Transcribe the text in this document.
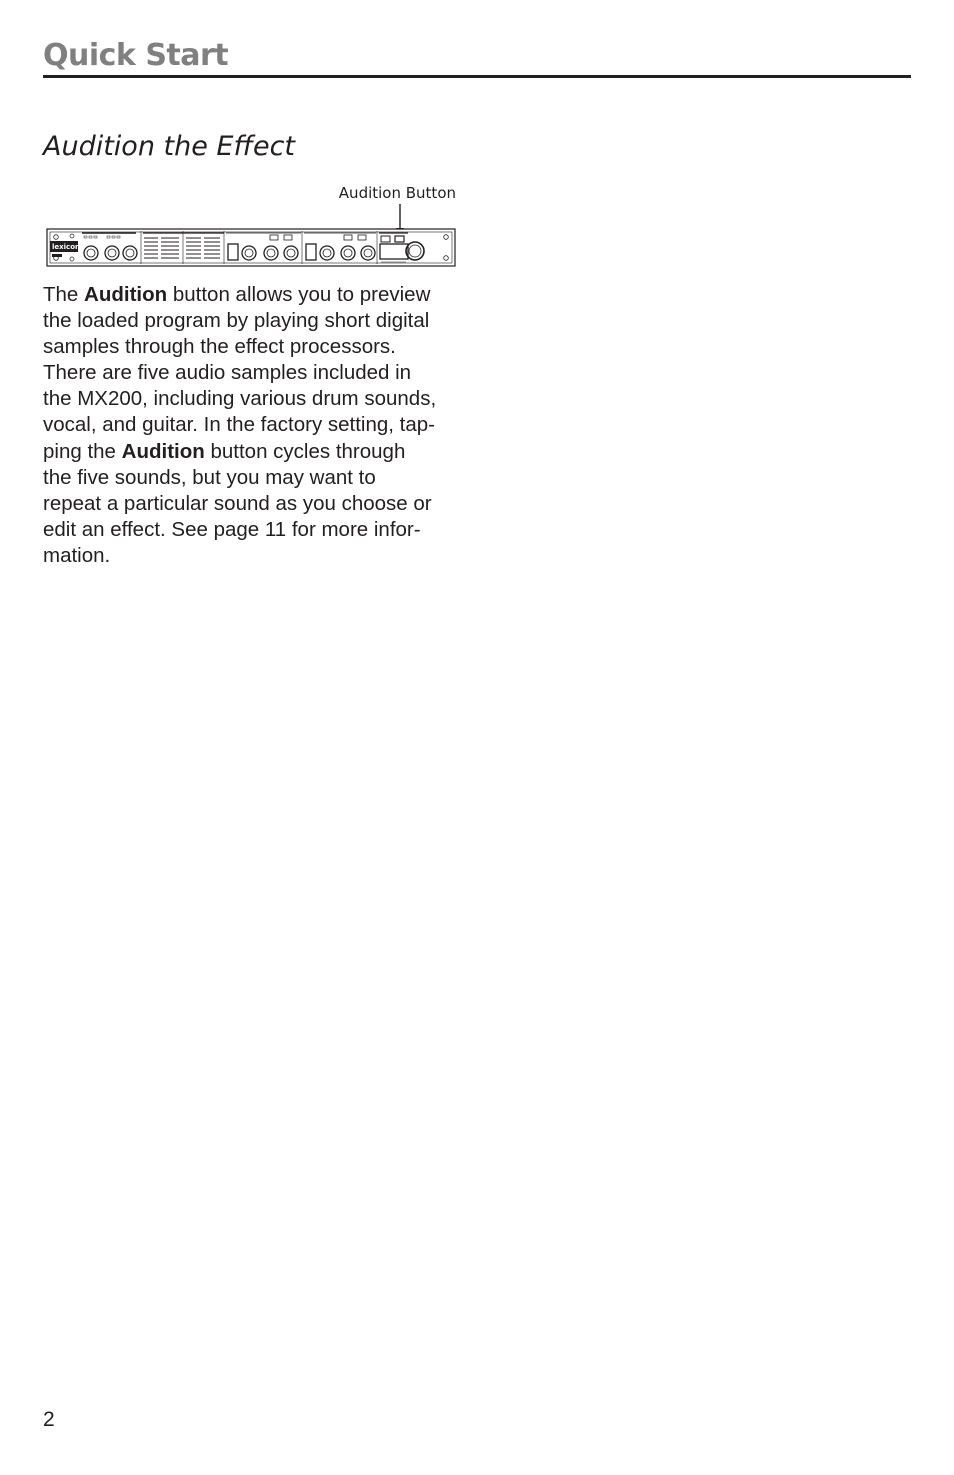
Quick Start
Audition the Effect
Audition Button
lexicon

The Audition button allows you to preview
the loaded program by playing short digital
samples through the effect processors.
There are five audio samples included in
the MX200, including various drum sounds,
vocal, and guitar. In the factory setting, tap-
ping the Audition button cycles through
the five sounds, but you may want to
repeat a particular sound as you choose or
edit an effect. See page 11 for more infor-
mation.

2
